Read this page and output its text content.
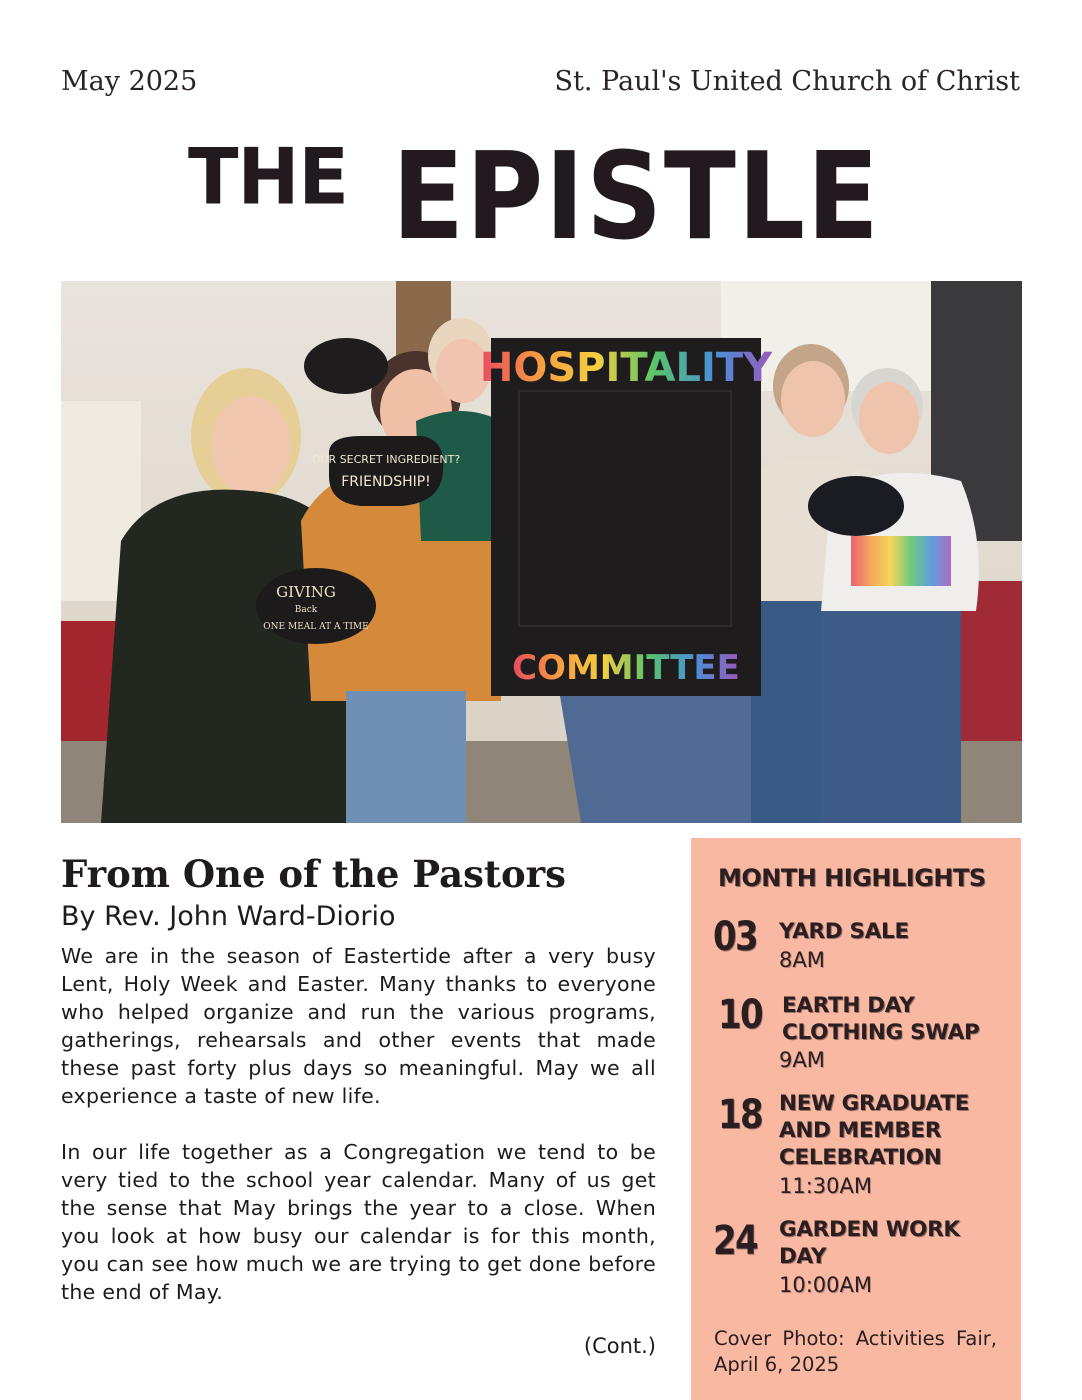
May 2025	St. Paul's United Church of Christ
THE EPISTLE
HOSPITALITY
COMMITTEE
OUR SECRET INGREDIENT?
FRIENDSHIP!
GIVING
Back
ONE MEAL AT A TIME
From One of the Pastors
By Rev. John Ward-Diorio

We are in the season of Eastertide after a very busy Lent, Holy Week and Easter. Many thanks to everyone who helped organize and run the various programs, gatherings, rehearsals and other events that made these past forty plus days so meaningful. May we all experience a taste of new life.

In our life together as a Congregation we tend to be very tied to the school year calendar. Many of us get the sense that May brings the year to a close. When you look at how busy our calendar is for this month, you can see how much we are trying to get done before the end of May.

(Cont.)
MONTH HIGHLIGHTS
03 YARD SALE
8AM
10 EARTH DAY CLOTHING SWAP
9AM
18 NEW GRADUATE AND MEMBER CELEBRATION
11:30AM
24 GARDEN WORK DAY
10:00AM
Cover Photo: Activities Fair, April 6, 2025
